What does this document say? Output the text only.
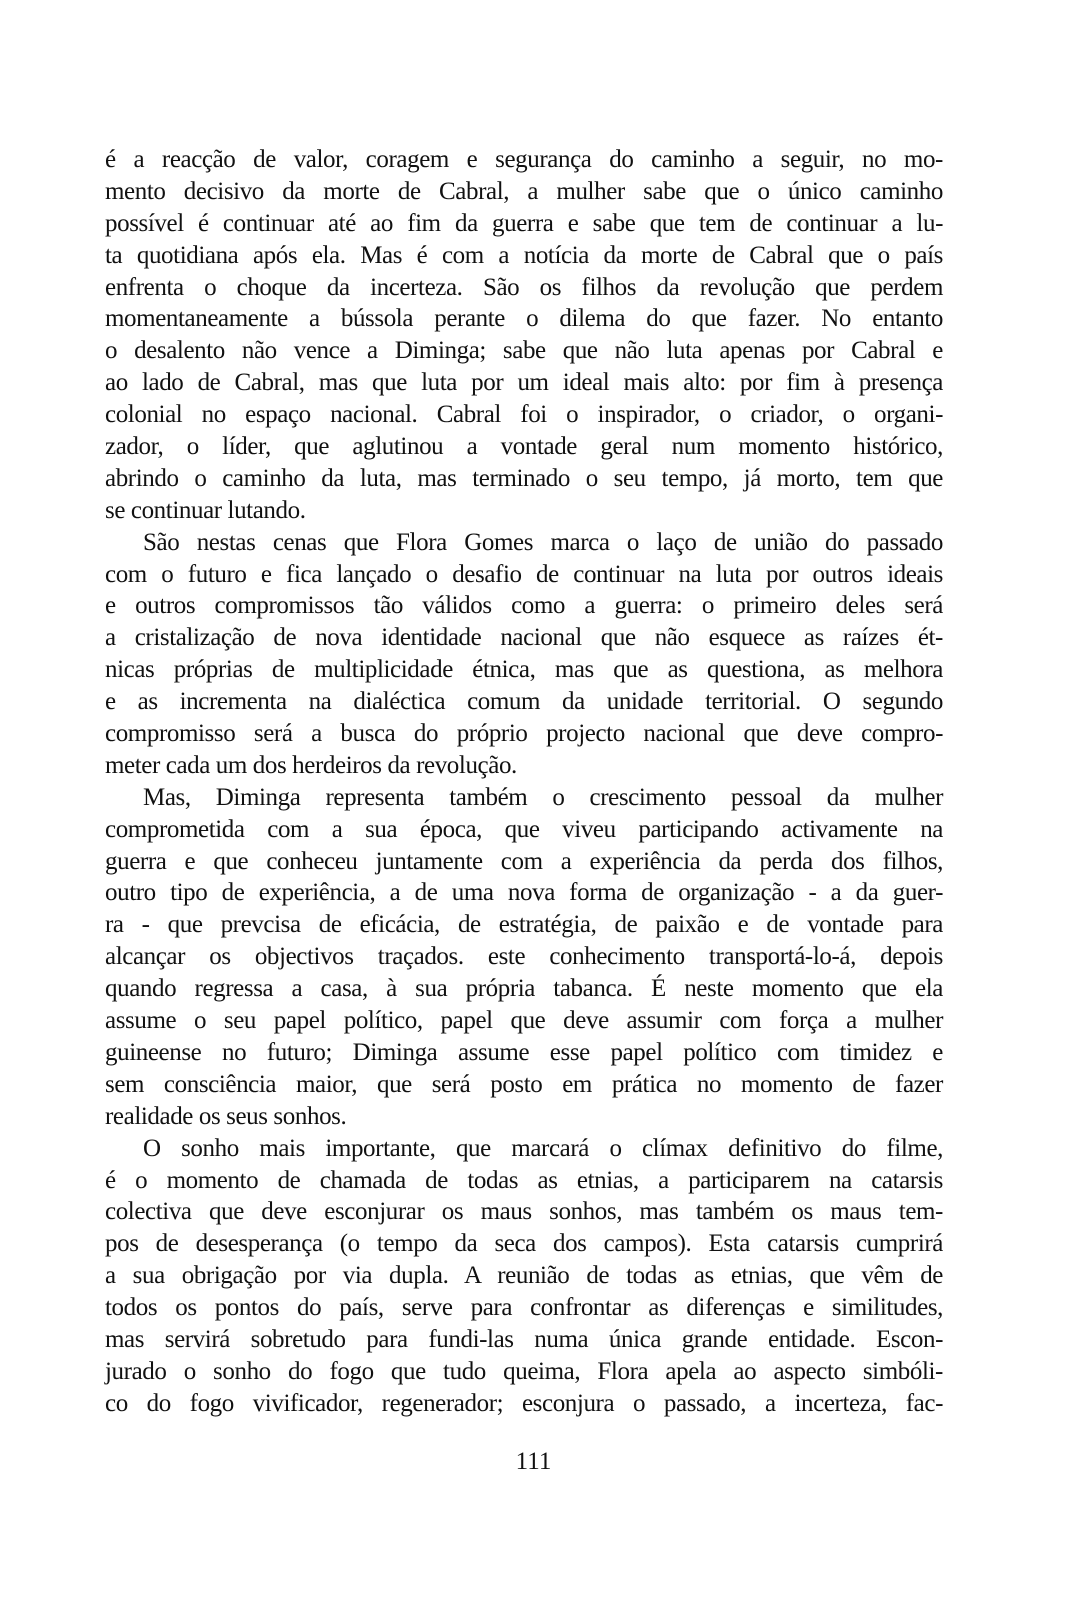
é a reacção de valor, coragem e segurança do caminho a seguir, no mo-
mento decisivo da morte de Cabral, a mulher sabe que o único caminho
possível é continuar até ao fim da guerra e sabe que tem de continuar a lu-
ta quotidiana após ela. Mas é com a notícia da morte de Cabral que o país
enfrenta o choque da incerteza. São os filhos da revolução que perdem
momentaneamente a bússola perante o dilema do que fazer. No entanto
o desalento não vence a Diminga; sabe que não luta apenas por Cabral e
ao lado de Cabral, mas que luta por um ideal mais alto: por fim à presença
colonial no espaço nacional. Cabral foi o inspirador, o criador, o organi-
zador, o líder, que aglutinou a vontade geral num momento histórico,
abrindo o caminho da luta, mas terminado o seu tempo, já morto, tem que
se continuar lutando.
São nestas cenas que Flora Gomes marca o laço de união do passado
com o futuro e fica lançado o desafio de continuar na luta por outros ideais
e outros compromissos tão válidos como a guerra: o primeiro deles será
a cristalização de nova identidade nacional que não esquece as raízes ét-
nicas próprias de multiplicidade étnica, mas que as questiona, as melhora
e as incrementa na dialéctica comum da unidade territorial. O segundo
compromisso será a busca do próprio projecto nacional que deve compro-
meter cada um dos herdeiros da revolução.
Mas, Diminga representa também o crescimento pessoal da mulher
comprometida com a sua época, que viveu participando activamente na
guerra e que conheceu juntamente com a experiência da perda dos filhos,
outro tipo de experiência, a de uma nova forma de organização - a da guer-
ra - que prevcisa de eficácia, de estratégia, de paixão e de vontade para
alcançar os objectivos traçados. este conhecimento transportá-lo-á, depois
quando regressa a casa, à sua própria tabanca. É neste momento que ela
assume o seu papel político, papel que deve assumir com força a mulher
guineense no futuro; Diminga assume esse papel político com timidez e
sem consciência maior, que será posto em prática no momento de fazer
realidade os seus sonhos.
O sonho mais importante, que marcará o clímax definitivo do filme,
é o momento de chamada de todas as etnias, a participarem na catarsis
colectiva que deve esconjurar os maus sonhos, mas também os maus tem-
pos de desesperança (o tempo da seca dos campos). Esta catarsis cumprirá
a sua obrigação por via dupla. A reunião de todas as etnias, que vêm de
todos os pontos do país, serve para confrontar as diferenças e similitudes,
mas servirá sobretudo para fundi-las numa única grande entidade. Escon-
jurado o sonho do fogo que tudo queima, Flora apela ao aspecto simbóli-
co do fogo vivificador, regenerador; esconjura o passado, a incerteza, fac-
111
